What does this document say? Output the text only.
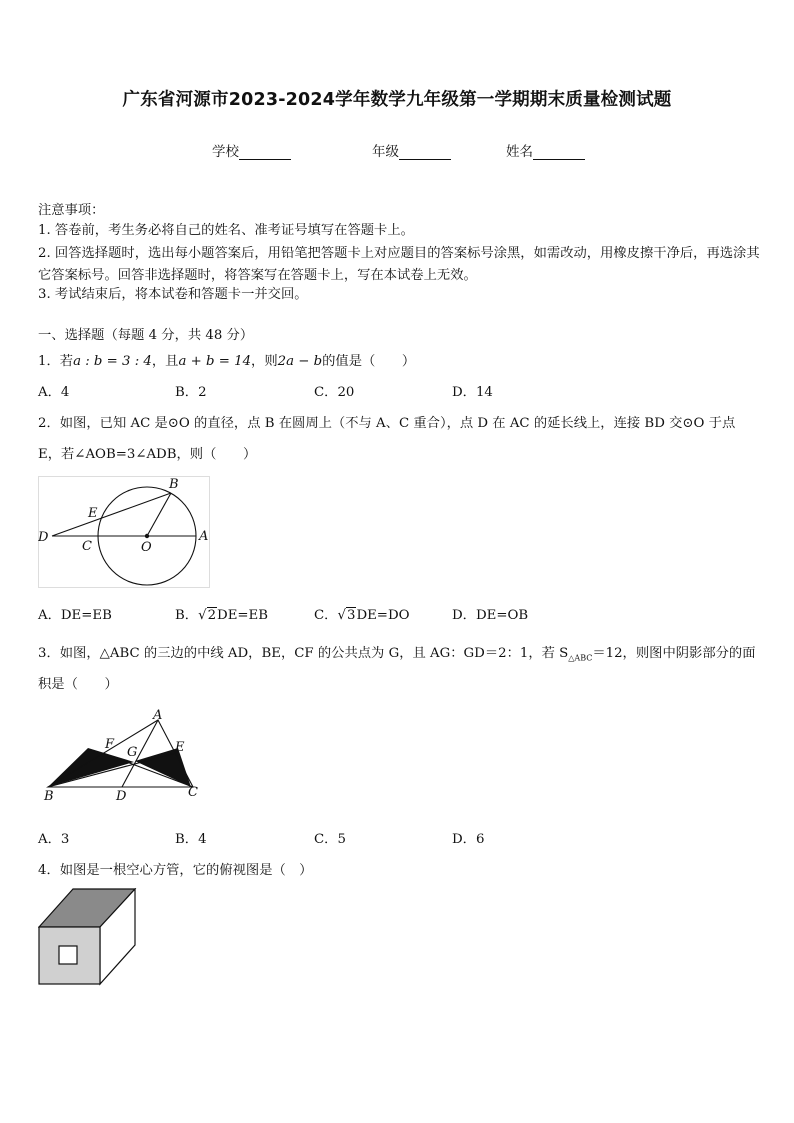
广东省河源市2023-2024学年数学九年级第一学期期末质量检测试题
学校	年级	姓名
注意事项：
1. 答卷前，考生务必将自己的姓名、准考证号填写在答题卡上。
2. 回答选择题时，选出每小题答案后，用铅笔把答题卡上对应题目的答案标号涂黑，如需改动，用橡皮擦干净后，再选涂其它答案标号。回答非选择题时，将答案写在答题卡上，写在本试卷上无效。
3. 考试结束后，将本试卷和答题卡一并交回。
一、选择题（每题 4 分，共 48 分）
1．若a : b = 3 : 4，且a + b = 14，则2a − b的值是（　　）
A．4	B．2	C．20	D．14
2．如图，已知 AC 是⊙O 的直径，点 B 在圆周上（不与 A、C 重合），点 D 在 AC 的延长线上，连接 BD 交⊙O 于点
E，若∠AOB=3∠ADB，则（　　）
B
E
D
C	O
A
A．DE=EB	B．√2DE=EB	C．√3DE=DO	D．DE=OB
3．如图，△ABC 的三边的中线 AD，BE，CF 的公共点为 G，且 AG：GD＝2：1，若 $S_{\triangle ABC}=12$，则图中阴影部分的面
积是（　　）
A
F
G	E
B	D	C
A．3	B．4	C．5	D．6
4．如图是一根空心方管，它的俯视图是（　）
